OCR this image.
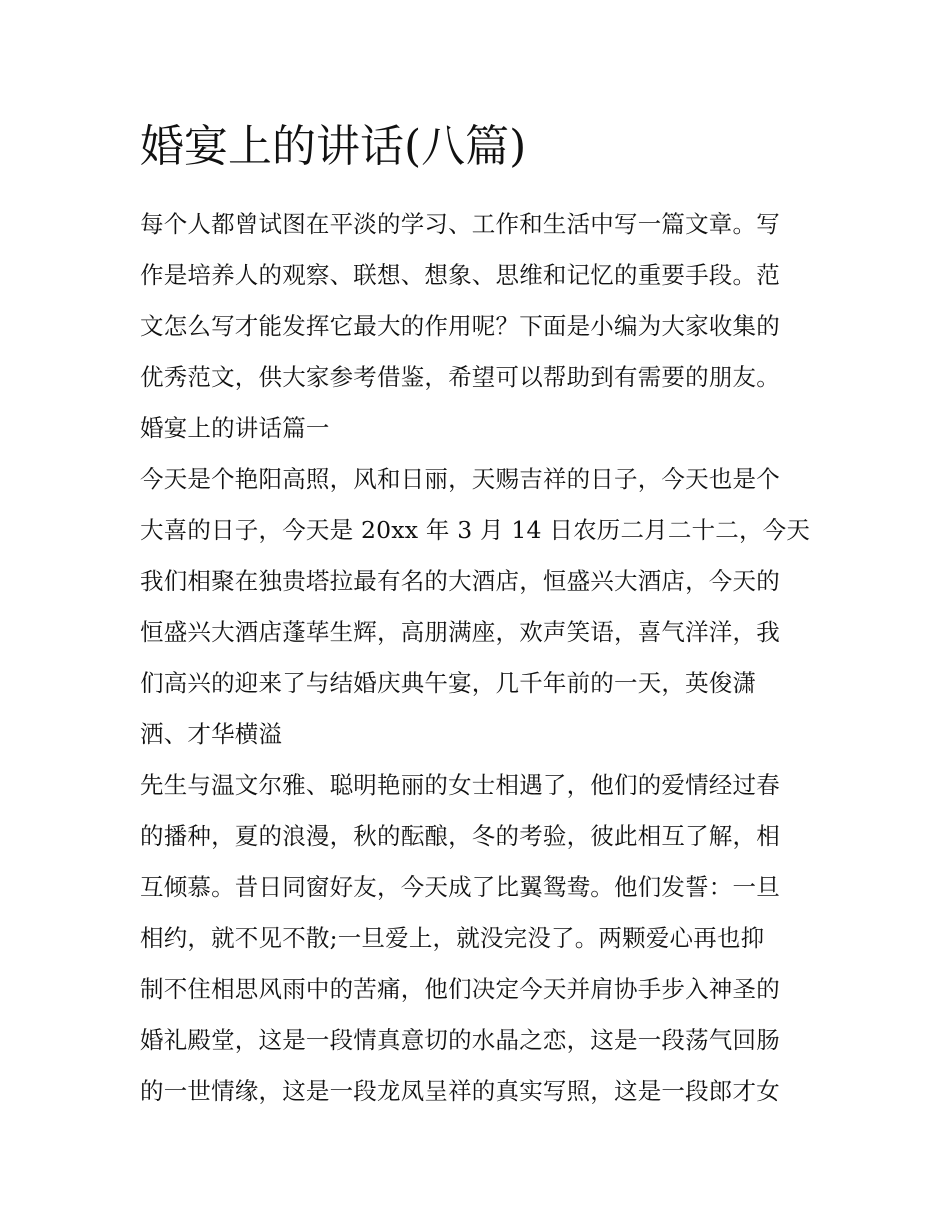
婚宴上的讲话(八篇)
每个人都曾试图在平淡的学习、工作和生活中写一篇文章。写
作是培养人的观察、联想、想象、思维和记忆的重要手段。范
文怎么写才能发挥它最大的作用呢？下面是小编为大家收集的
优秀范文，供大家参考借鉴，希望可以帮助到有需要的朋友。
婚宴上的讲话篇一
今天是个艳阳高照，风和日丽，天赐吉祥的日子，今天也是个
大喜的日子，今天是 20xx 年 3 月 14 日农历二月二十二，今天
我们相聚在独贵塔拉最有名的大酒店，恒盛兴大酒店，今天的
恒盛兴大酒店蓬荜生辉，高朋满座，欢声笑语，喜气洋洋，我
们高兴的迎来了与结婚庆典午宴，几千年前的一天，英俊潇
洒、才华横溢
先生与温文尔雅、聪明艳丽的女士相遇了，他们的爱情经过春
的播种，夏的浪漫，秋的酝酿，冬的考验，彼此相互了解，相
互倾慕。昔日同窗好友，今天成了比翼鸳鸯。他们发誓：一旦
相约，就不见不散;一旦爱上，就没完没了。两颗爱心再也抑
制不住相思风雨中的苦痛，他们决定今天并肩协手步入神圣的
婚礼殿堂，这是一段情真意切的水晶之恋，这是一段荡气回肠
的一世情缘，这是一段龙凤呈祥的真实写照，这是一段郎才女
